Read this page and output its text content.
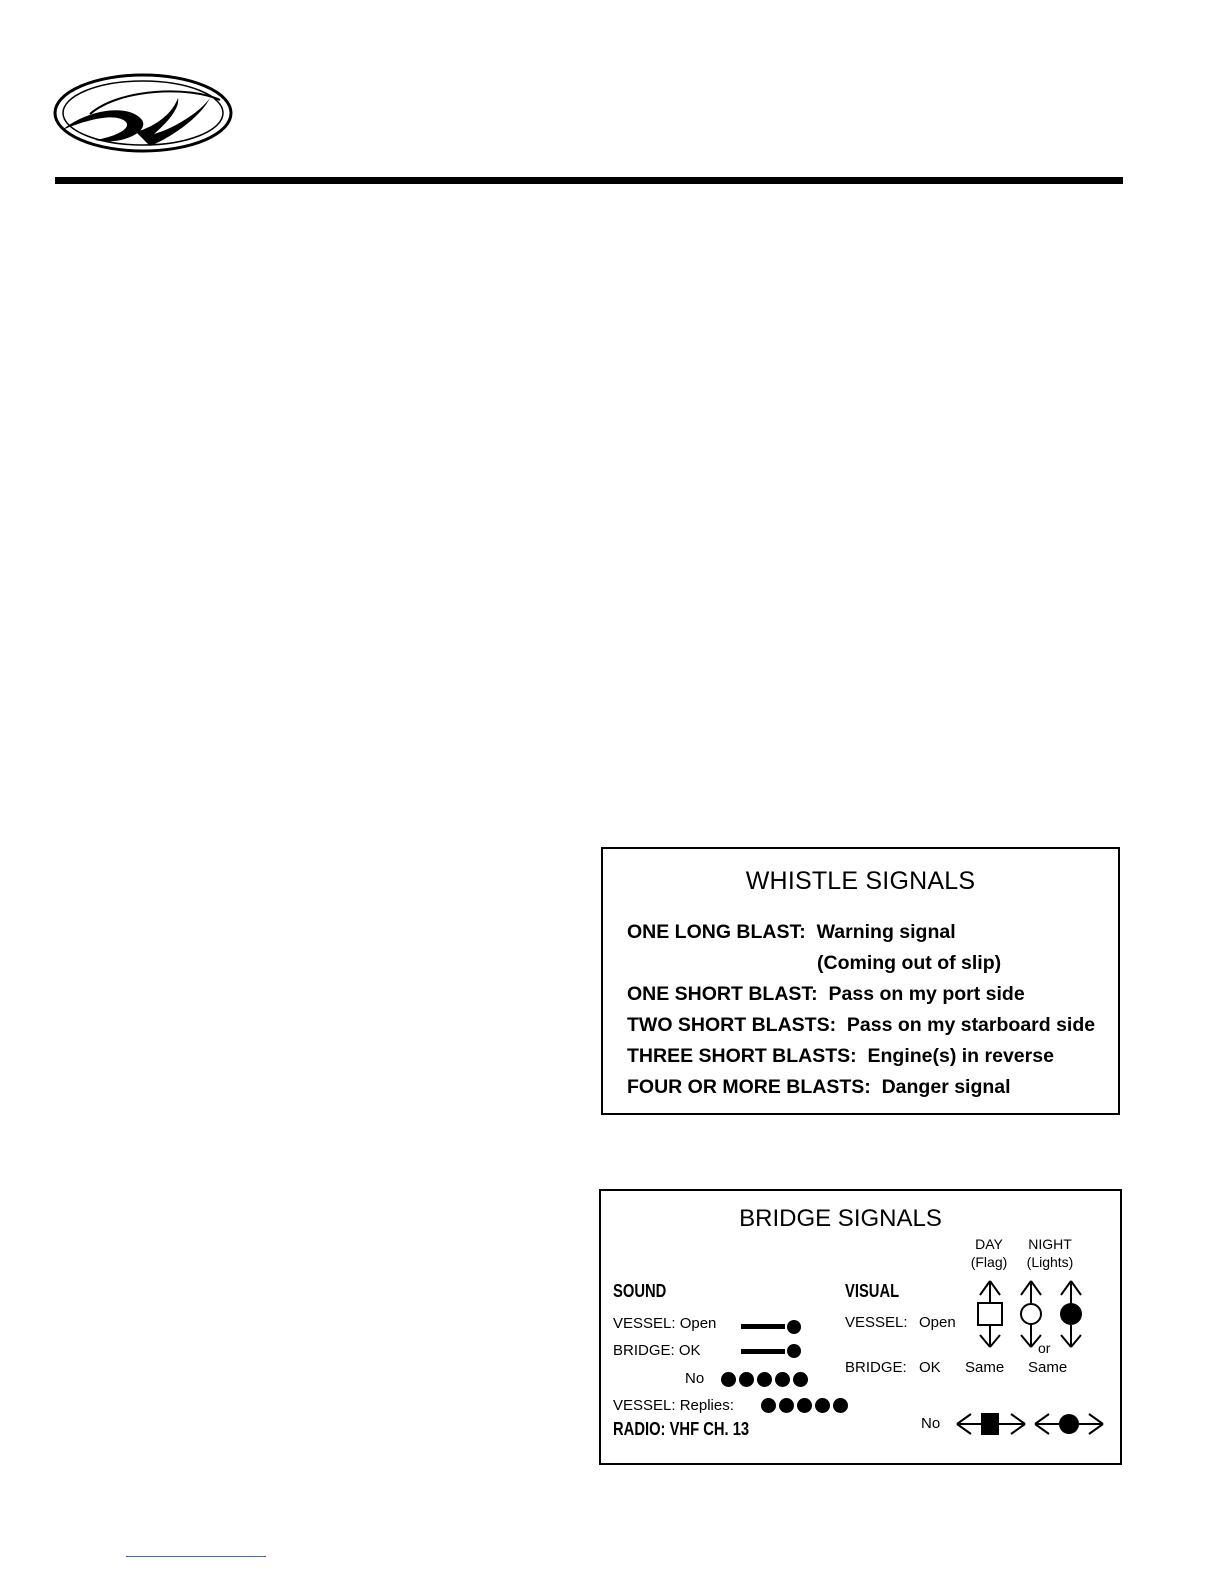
WHISTLE SIGNALS
ONE LONG BLAST: Warning signal
(Coming out of slip)
ONE SHORT BLAST: Pass on my port side
TWO SHORT BLASTS: Pass on my starboard side
THREE SHORT BLASTS: Engine(s) in reverse
FOUR OR MORE BLASTS: Danger signal
BRIDGE SIGNALS
DAY
(Flag)
NIGHT
(Lights)
SOUND
VESSEL: Open
BRIDGE: OK
No
VESSEL: Replies:
RADIO: VHF CH. 13
VISUAL
VESSEL: Open
BRIDGE: OK Same Same
or
No
